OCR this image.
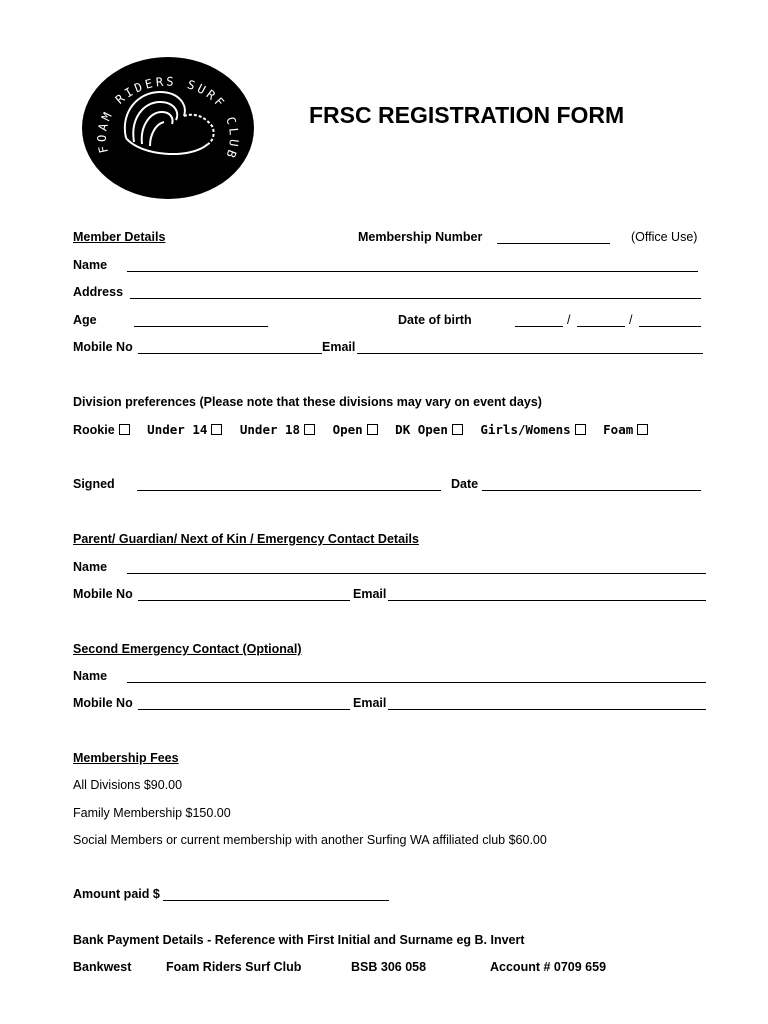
FOAM RIDERS SURF CLUB
FRSC REGISTRATION FORM
Member Details	Membership Number	(Office Use)
Name
Address
Age	Date of birth	/	/
Mobile No	Email
Division preferences (Please note that these divisions may vary on event days)
Rookie	Under 14	Under 18	Open	DK Open	Girls/Womens	Foam
Signed	Date
Parent/ Guardian/ Next of Kin / Emergency Contact Details
Name
Mobile No	Email
Second Emergency Contact (Optional)
Name
Mobile No	Email
Membership Fees
All Divisions $90.00
Family Membership $150.00
Social Members or current membership with another Surfing WA affiliated club $60.00
Amount paid $
Bank Payment Details - Reference with First Initial and Surname eg B. Invert
Bankwest	Foam Riders Surf Club	BSB 306 058	Account # 0709 659
